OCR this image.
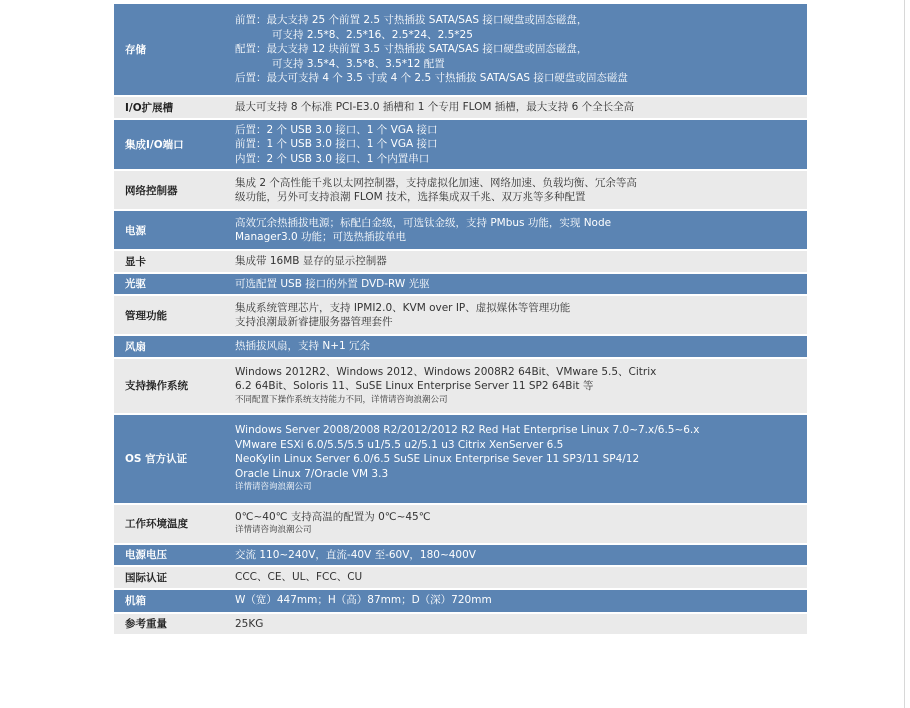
存储	前置：最大支持 25 个前置 2.5 寸热插拔 SATA/SAS 接口硬盘或固态磁盘，
可支持 2.5*8、2.5*16、2.5*24、2.5*25
配置：最大支持 12 块前置 3.5 寸热插拔 SATA/SAS 接口硬盘或固态磁盘，
可支持 3.5*4、3.5*8、3.5*12 配置
后置：最大可支持 4 个 3.5 寸或 4 个 2.5 寸热插拔 SATA/SAS 接口硬盘或固态磁盘

I/O扩展槽	最大可支持 8 个标准 PCI-E3.0 插槽和 1 个专用 FLOM 插槽，最大支持 6 个全长全高

集成I/O端口	后置：2 个 USB 3.0 接口、1 个 VGA 接口
前置：1 个 USB 3.0 接口、1 个 VGA 接口
内置：2 个 USB 3.0 接口、1 个内置串口

网络控制器	集成 2 个高性能千兆以太网控制器，支持虚拟化加速、网络加速、负载均衡、冗余等高
级功能，另外可支持浪潮 FLOM 技术，选择集成双千兆、双万兆等多种配置

电源	高效冗余热插拔电源；标配白金级，可选钛金级，支持 PMbus 功能，实现 Node
Manager3.0 功能；可选热插拔单电

显卡	集成带 16MB 显存的显示控制器

光驱	可选配置 USB 接口的外置 DVD-RW 光驱

管理功能	集成系统管理芯片，支持 IPMI2.0、KVM over IP、虚拟媒体等管理功能
支持浪潮最新睿捷服务器管理套件

风扇	热插拔风扇，支持 N+1 冗余

支持操作系统	Windows 2012R2、Windows 2012、Windows 2008R2 64Bit、VMware 5.5、Citrix
6.2 64Bit、Soloris 11、SuSE Linux Enterprise Server 11 SP2 64Bit 等
不同配置下操作系统支持能力不同，详情请咨询浪潮公司

OS 官方认证	Windows Server 2008/2008 R2/2012/2012 R2 Red Hat Enterprise Linux 7.0~7.x/6.5~6.x
VMware ESXi 6.0/5.5/5.5 u1/5.5 u2/5.1 u3 Citrix XenServer 6.5
NeoKylin Linux Server 6.0/6.5 SuSE Linux Enterprise Sever 11 SP3/11 SP4/12
Oracle Linux 7/Oracle VM 3.3
详情请咨询浪潮公司

工作环境温度	0℃~40℃ 支持高温的配置为 0℃~45℃
详情请咨询浪潮公司

电源电压	交流 110~240V，直流-40V 至-60V，180~400V

国际认证	CCC、CE、UL、FCC、CU

机箱	W（宽）447mm；H（高）87mm；D（深）720mm

参考重量	25KG
